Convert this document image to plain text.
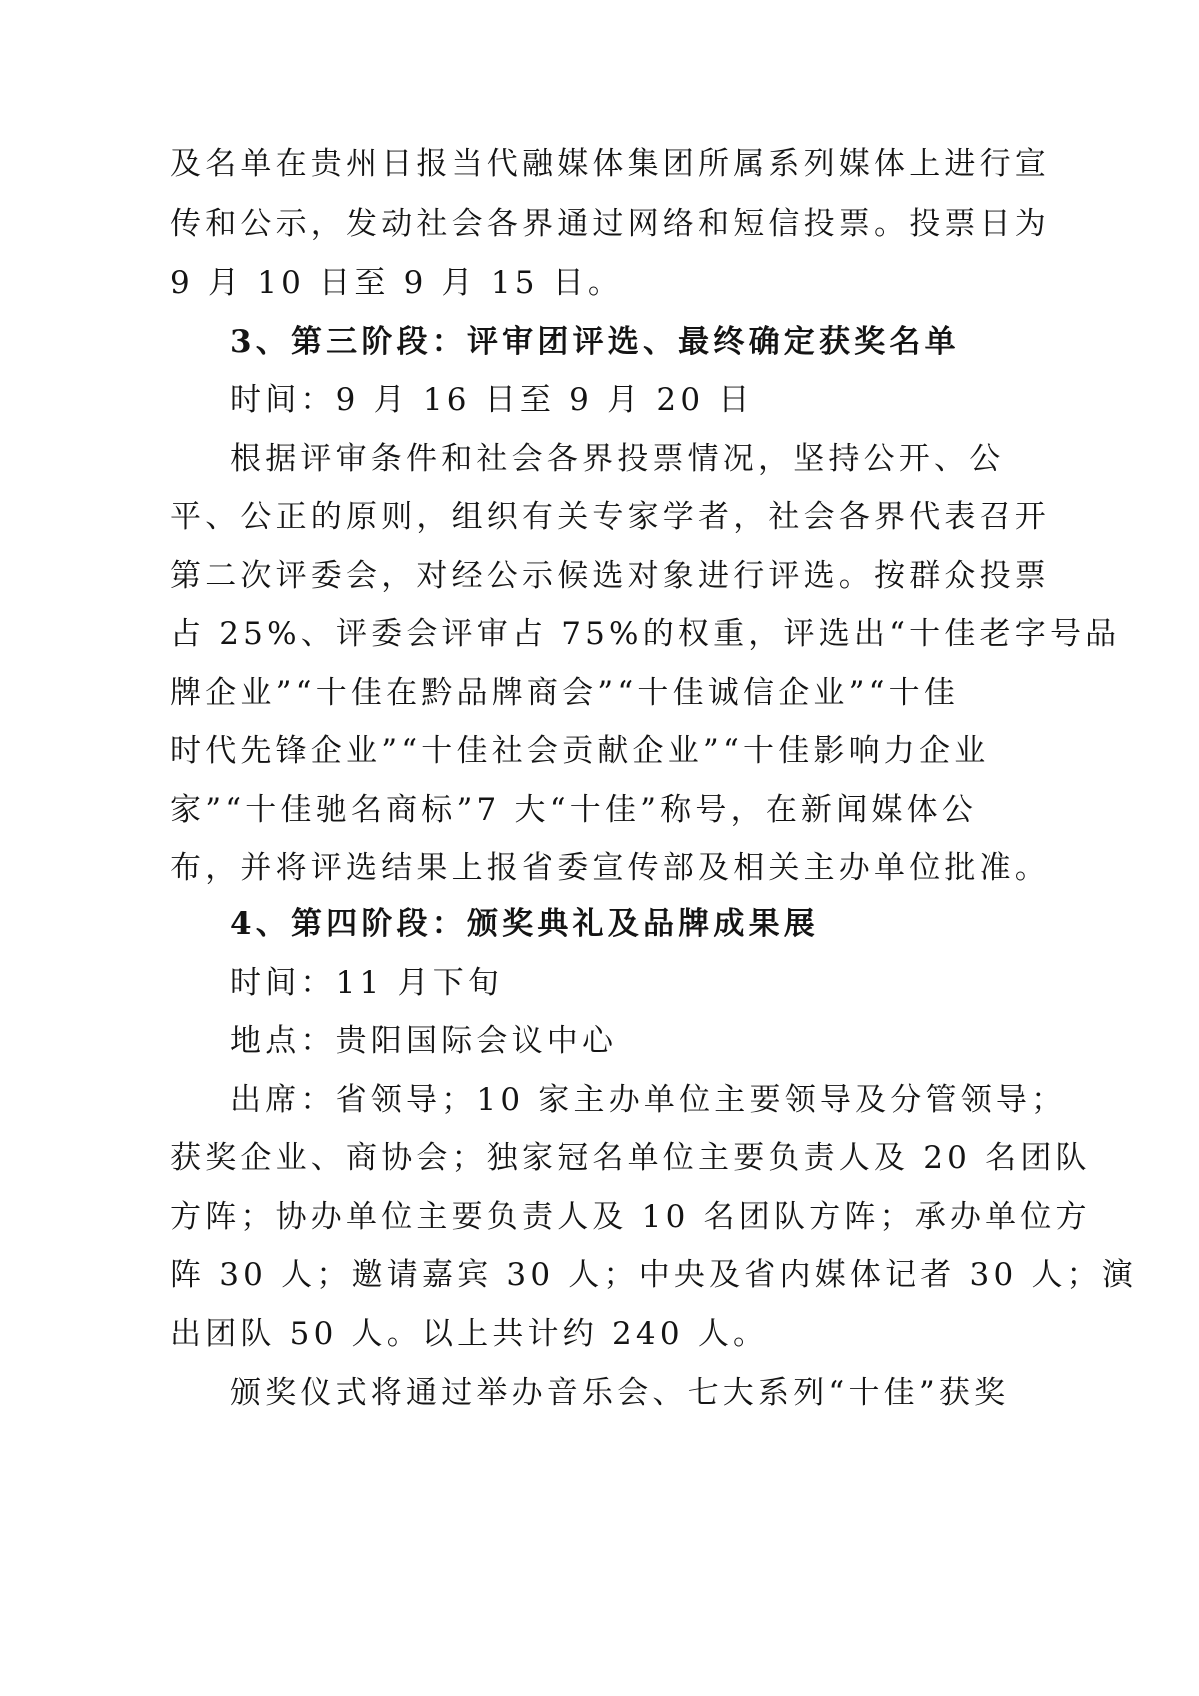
及名单在贵州日报当代融媒体集团所属系列媒体上进行宣
传和公示，发动社会各界通过网络和短信投票。投票日为
9 月 10 日至 9 月 15 日。
3、第三阶段：评审团评选、最终确定获奖名单
时间：9 月 16 日至 9 月 20 日
根据评审条件和社会各界投票情况，坚持公开、公
平、公正的原则，组织有关专家学者，社会各界代表召开
第二次评委会，对经公示候选对象进行评选。按群众投票
占 25%、评委会评审占 75%的权重，评选出“十佳老字号品
牌企业”“十佳在黔品牌商会”“十佳诚信企业”“十佳
时代先锋企业”“十佳社会贡献企业”“十佳影响力企业
家”“十佳驰名商标”7 大“十佳”称号，在新闻媒体公
布，并将评选结果上报省委宣传部及相关主办单位批准。
4、第四阶段：颁奖典礼及品牌成果展
时间：11 月下旬
地点：贵阳国际会议中心
出席：省领导；10 家主办单位主要领导及分管领导；
获奖企业、商协会；独家冠名单位主要负责人及 20 名团队
方阵；协办单位主要负责人及 10 名团队方阵；承办单位方
阵 30 人；邀请嘉宾 30 人；中央及省内媒体记者 30 人；演
出团队 50 人。以上共计约 240 人。
颁奖仪式将通过举办音乐会、七大系列“十佳”获奖
